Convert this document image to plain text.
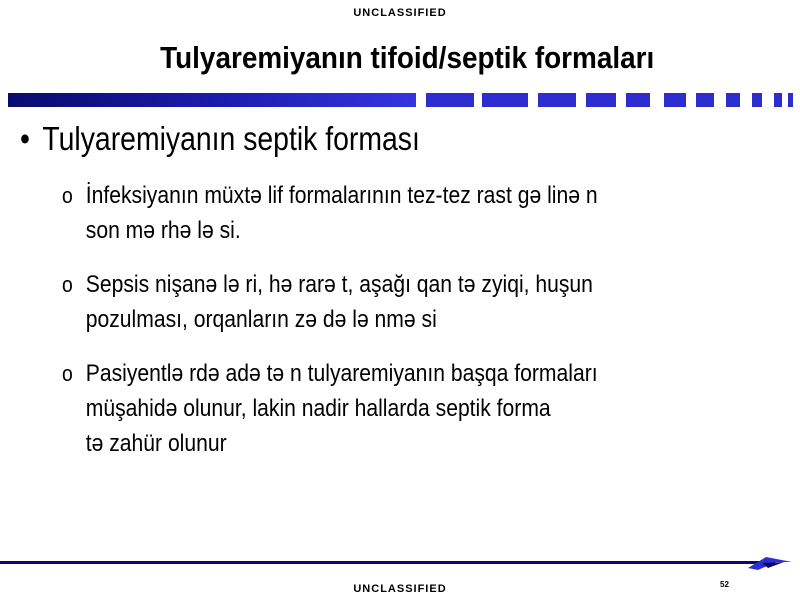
UNCLASSIFIED
Tulyaremiyanın tifoid/septik formaları
• Tulyaremiyanın septik forması
o İnfeksiyanın müxtə lif formalarının tez-tez rast gə linə n
son mə rhə lə si.
o Sepsis nişanə lə ri, hə rarə t, aşağı qan tə zyiqi, huşun
pozulması, orqanların zə də lə nmə si
o Pasiyentlə rdə adə tə n tulyaremiyanın başqa formaları
müşahidə olunur, lakin nadir hallarda septik forma
tə zahür olunur
52
UNCLASSIFIED
